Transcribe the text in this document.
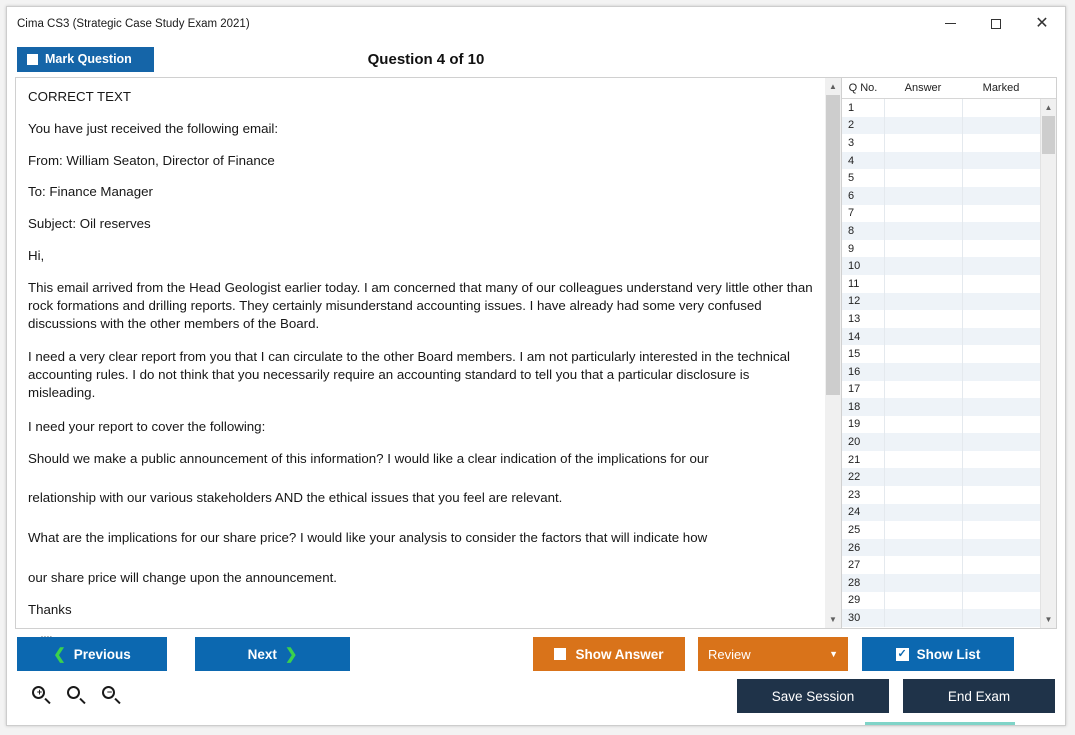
Cima CS3 (Strategic Case Study Exam 2021)	✕
Mark Question	Question 4 of 10

CORRECT TEXT

You have just received the following email:

From: William Seaton, Director of Finance

To: Finance Manager

Subject: Oil reserves

Hi,

This email arrived from the Head Geologist earlier today. I am concerned that many of our colleagues understand very little other than rock formations and drilling reports. They certainly misunderstand accounting issues. I have already had some very confused discussions with the other members of the Board.

I need a very clear report from you that I can circulate to the other Board members. I am not particularly interested in the technical accounting rules. I do not think that you necessarily require an accounting standard to tell you that a particular disclosure is misleading.

I need your report to cover the following:

Should we make a public announcement of this information? I would like a clear indication of the implications for our

relationship with our various stakeholders AND the ethical issues that you feel are relevant.

What are the implications for our share price? I would like your analysis to consider the factors that will indicate how

our share price will change upon the announcement.

Thanks

▲
▼
Q No.	Answer	Marked
1
2
3
4
5
6
7
8
9
10
11
12
13
14
15
16
17
18
19
20
21
22
23
24
25
26
27
28
29
30
▲
▼
❮ Previous	Next ❯	Show Answer	Review	▼	✓ Show List
+	−	Save Session	End Exam
